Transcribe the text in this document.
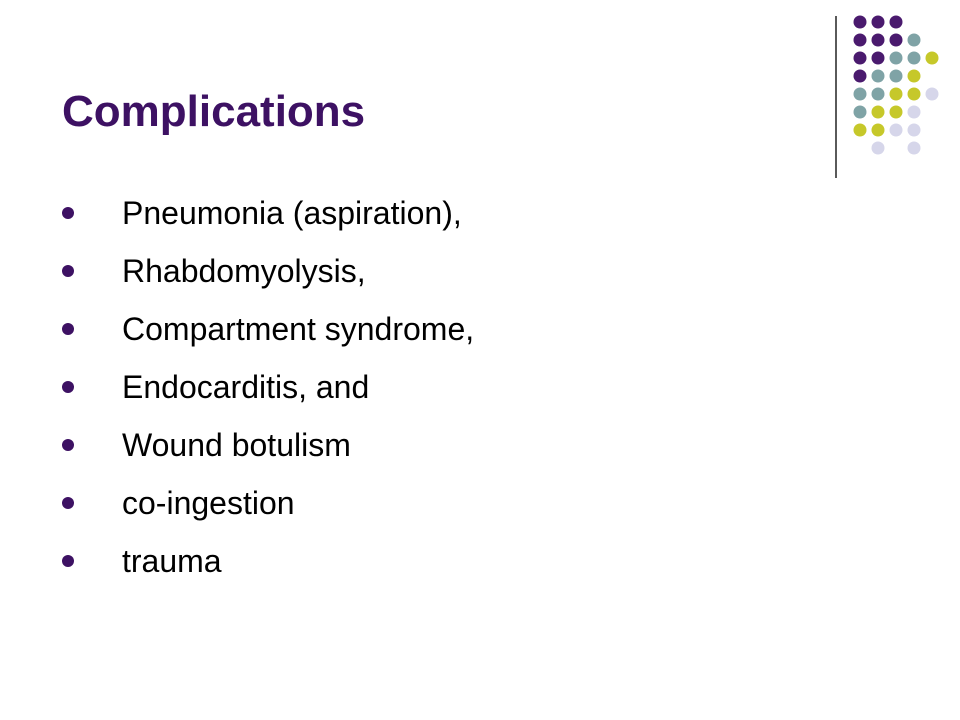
Complications
Pneumonia (aspiration),
Rhabdomyolysis,
Compartment syndrome,
Endocarditis, and
Wound botulism
co-ingestion
trauma
